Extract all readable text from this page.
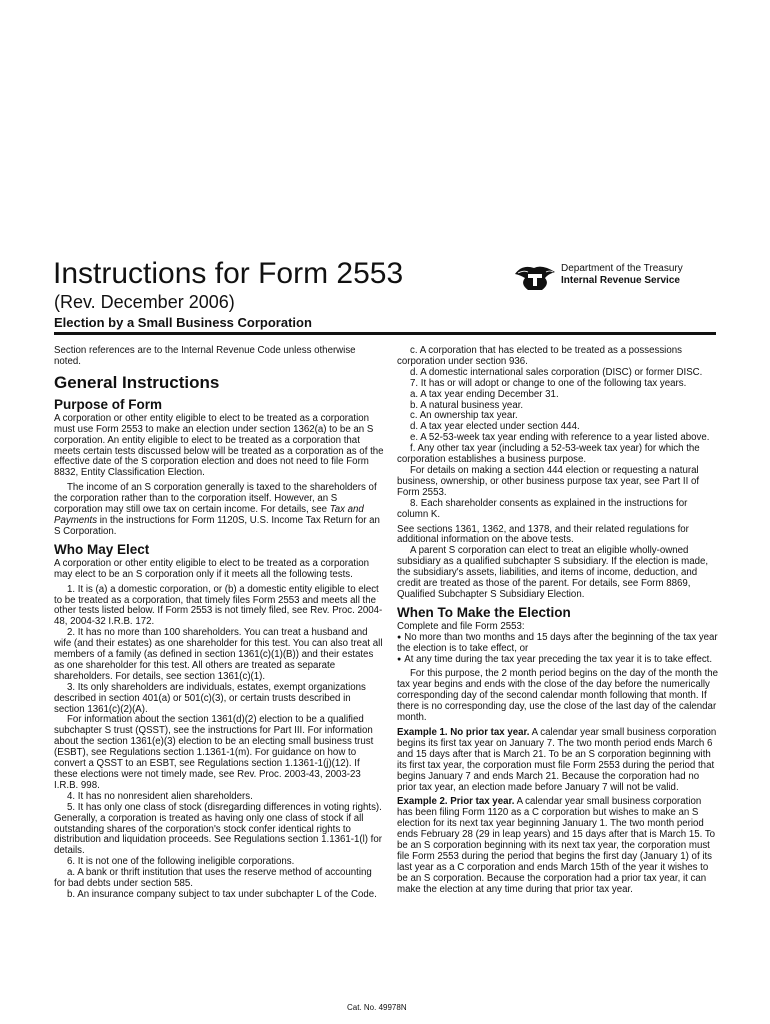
Instructions for Form 2553
(Rev. December 2006)
Election by a Small Business Corporation
Department of the Treasury
Internal Revenue Service

Section references are to the Internal Revenue Code unless otherwise noted.

General Instructions
Purpose of Form

A corporation or other entity eligible to elect to be treated as a corporation must use Form 2553 to make an election under section 1362(a) to be an S corporation. An entity eligible to elect to be treated as a corporation that meets certain tests discussed below will be treated as a corporation as of the effective date of the S corporation election and does not need to file Form 8832, Entity Classification Election.

The income of an S corporation generally is taxed to the shareholders of the corporation rather than to the corporation itself. However, an S corporation may still owe tax on certain income. For details, see Tax and Payments in the instructions for Form 1120S, U.S. Income Tax Return for an S Corporation.

Who May Elect

A corporation or other entity eligible to elect to be treated as a corporation may elect to be an S corporation only if it meets all the following tests.

1. It is (a) a domestic corporation, or (b) a domestic entity eligible to elect to be treated as a corporation, that timely files Form 2553 and meets all the other tests listed below. If Form 2553 is not timely filed, see Rev. Proc. 2004-48, 2004-32 I.R.B. 172.

2. It has no more than 100 shareholders. You can treat a husband and wife (and their estates) as one shareholder for this test. You can also treat all members of a family (as defined in section 1361(c)(1)(B)) and their estates as one shareholder for this test. All others are treated as separate shareholders. For details, see section 1361(c)(1).

3. Its only shareholders are individuals, estates, exempt organizations described in section 401(a) or 501(c)(3), or certain trusts described in section 1361(c)(2)(A).

For information about the section 1361(d)(2) election to be a qualified subchapter S trust (QSST), see the instructions for Part III. For information about the section 1361(e)(3) election to be an electing small business trust (ESBT), see Regulations section 1.1361-1(m). For guidance on how to convert a QSST to an ESBT, see Regulations section 1.1361-1(j)(12). If these elections were not timely made, see Rev. Proc. 2003-43, 2003-23 I.R.B. 998.

4. It has no nonresident alien shareholders.

5. It has only one class of stock (disregarding differences in voting rights). Generally, a corporation is treated as having only one class of stock if all outstanding shares of the corporation's stock confer identical rights to distribution and liquidation proceeds. See Regulations section 1.1361-1(l) for details.

6. It is not one of the following ineligible corporations.

a. A bank or thrift institution that uses the reserve method of accounting for bad debts under section 585.

b. An insurance company subject to tax under subchapter L of the Code.

c. A corporation that has elected to be treated as a possessions corporation under section 936.

d. A domestic international sales corporation (DISC) or former DISC.

7. It has or will adopt or change to one of the following tax years.

a. A tax year ending December 31.

b. A natural business year.

c. An ownership tax year.

d. A tax year elected under section 444.

e. A 52-53-week tax year ending with reference to a year listed above.

f. Any other tax year (including a 52-53-week tax year) for which the corporation establishes a business purpose.

For details on making a section 444 election or requesting a natural business, ownership, or other business purpose tax year, see Part II of Form 2553.

8. Each shareholder consents as explained in the instructions for column K.

See sections 1361, 1362, and 1378, and their related regulations for additional information on the above tests.

A parent S corporation can elect to treat an eligible wholly-owned subsidiary as a qualified subchapter S subsidiary. If the election is made, the subsidiary's assets, liabilities, and items of income, deduction, and credit are treated as those of the parent. For details, see Form 8869, Qualified Subchapter S Subsidiary Election.

When To Make the Election

Complete and file Form 2553:

● No more than two months and 15 days after the beginning of the tax year the election is to take effect, or

● At any time during the tax year preceding the tax year it is to take effect.

For this purpose, the 2 month period begins on the day of the month the tax year begins and ends with the close of the day before the numerically corresponding day of the second calendar month following that month. If there is no corresponding day, use the close of the last day of the calendar month.

Example 1. No prior tax year. A calendar year small business corporation begins its first tax year on January 7. The two month period ends March 6 and 15 days after that is March 21. To be an S corporation beginning with its first tax year, the corporation must file Form 2553 during the period that begins January 7 and ends March 21. Because the corporation had no prior tax year, an election made before January 7 will not be valid.

Example 2. Prior tax year. A calendar year small business corporation has been filing Form 1120 as a C corporation but wishes to make an S election for its next tax year beginning January 1. The two month period ends February 28 (29 in leap years) and 15 days after that is March 15. To be an S corporation beginning with its next tax year, the corporation must file Form 2553 during the period that begins the first day (January 1) of its last year as a C corporation and ends March 15th of the year it wishes to be an S corporation. Because the corporation had a prior tax year, it can make the election at any time during that prior tax year.

Cat. No. 49978N
